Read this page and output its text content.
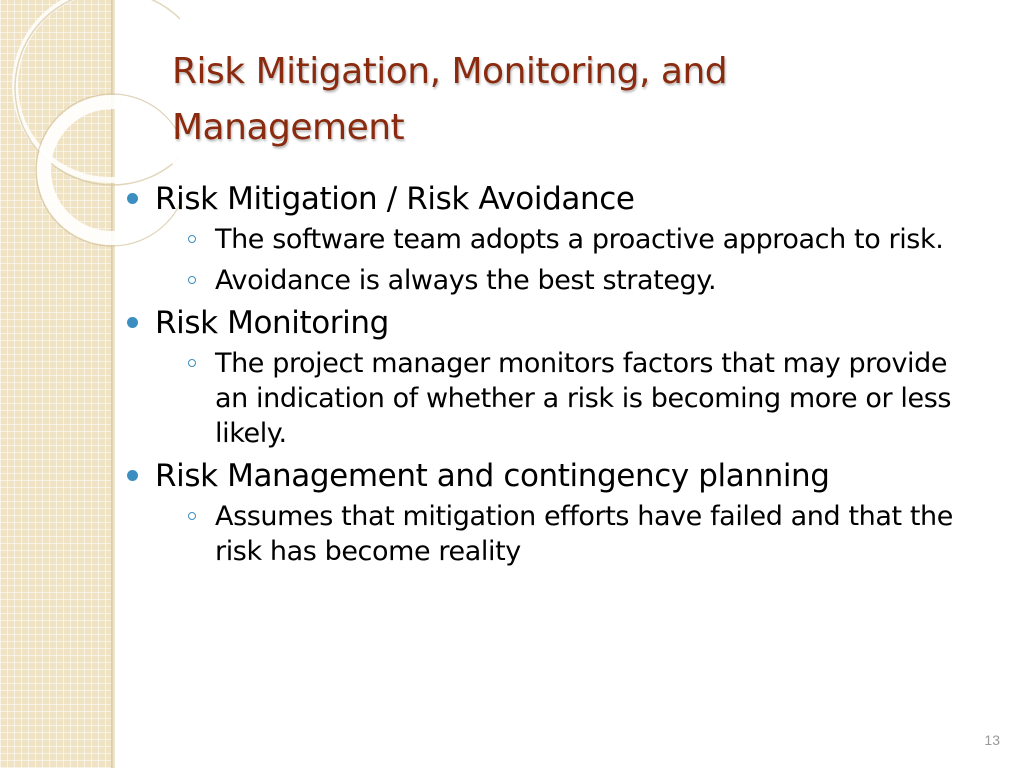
Risk Mitigation, Monitoring, and Management
Risk Mitigation / Risk Avoidance
The software team adopts a proactive approach to risk.
Avoidance is always the best strategy.
Risk Monitoring
The project manager monitors factors that may provide an indication of whether a risk is becoming more or less likely.
Risk Management and contingency planning
Assumes that mitigation efforts have failed and that the risk has become reality
13
